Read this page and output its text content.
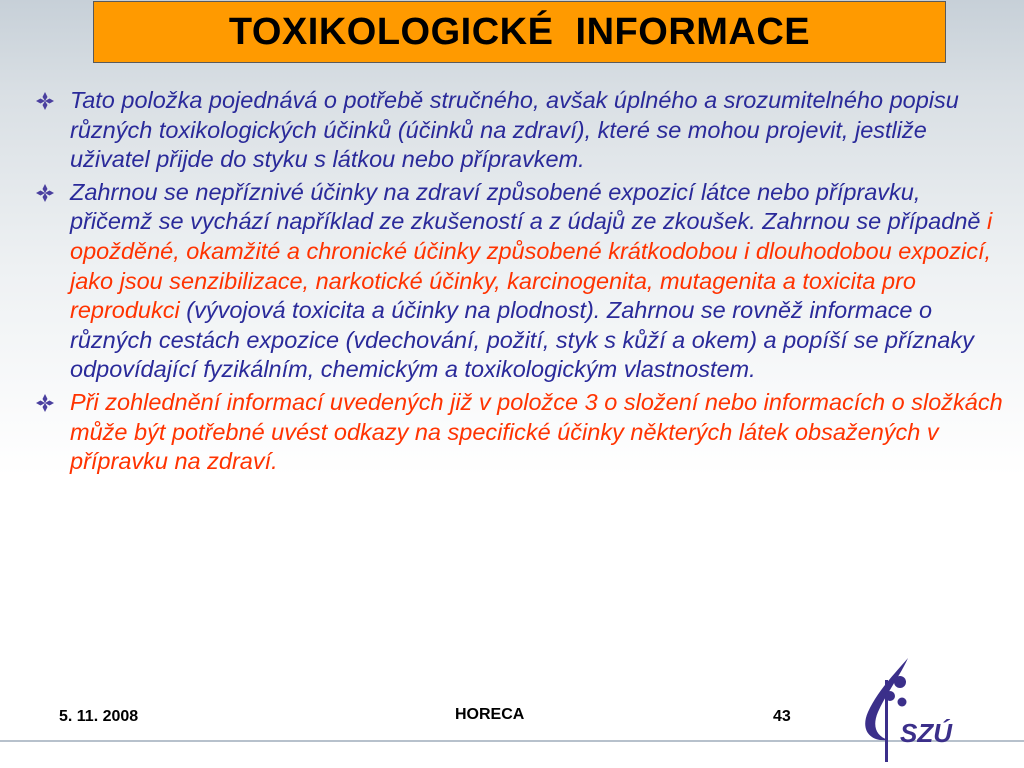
TOXIKOLOGICKÉ  INFORMACE
Tato položka pojednává o potřebě stručného, avšak úplného a srozumitelného popisu různých toxikologických účinků (účinků na zdraví), které se mohou projevit, jestliže uživatel přijde do styku s látkou nebo přípravkem.
Zahrnou se nepříznivé účinky na zdraví způsobené expozicí látce nebo přípravku, přičemž se vychází například ze zkušeností a z údajů ze zkoušek. Zahrnou se případně i opožděné, okamžité a chronické účinky způsobené krátkodobou i dlouhodobou expozicí, jako jsou senzibilizace, narkotické účinky, karcinogenita, mutagenita a toxicita pro reprodukci (vývojová toxicita a účinky na plodnost). Zahrnou se rovněž informace o různých cestách expozice (vdechování, požití, styk s kůží a okem) a popíší se příznaky odpovídající fyzikálním, chemickým a toxikologickým vlastnostem.
Při zohlednění informací uvedených již v položce 3 o složení nebo informacích o složkách může být potřebné uvést odkazy na specifické účinky některých látek obsažených v přípravku na zdraví.
5. 11. 2008	HORECA	43
SZÚ
